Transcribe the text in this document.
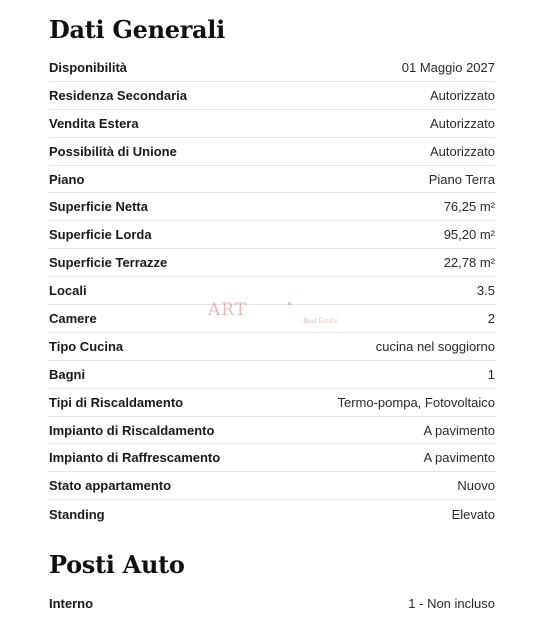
Dati Generali
Disponibilità	01 Maggio 2027
Residenza Secondaria	Autorizzato
Vendita Estera	Autorizzato
Possibilità di Unione	Autorizzato
Piano	Piano Terra
Superficie Netta	76,25 m²
Superficie Lorda	95,20 m²
Superficie Terrazze	22,78 m²
Locali	3.5
Camere	2
Tipo Cucina	cucina nel soggiorno
Bagni	1
Tipi di Riscaldamento	Termo-pompa, Fotovoltaico
Impianto di Riscaldamento	A pavimento
Impianto di Raffrescamento	A pavimento
Stato appartamento	Nuovo
Standing	Elevato
Posti Auto
Interno	1 - Non incluso
ART
Real Estate
